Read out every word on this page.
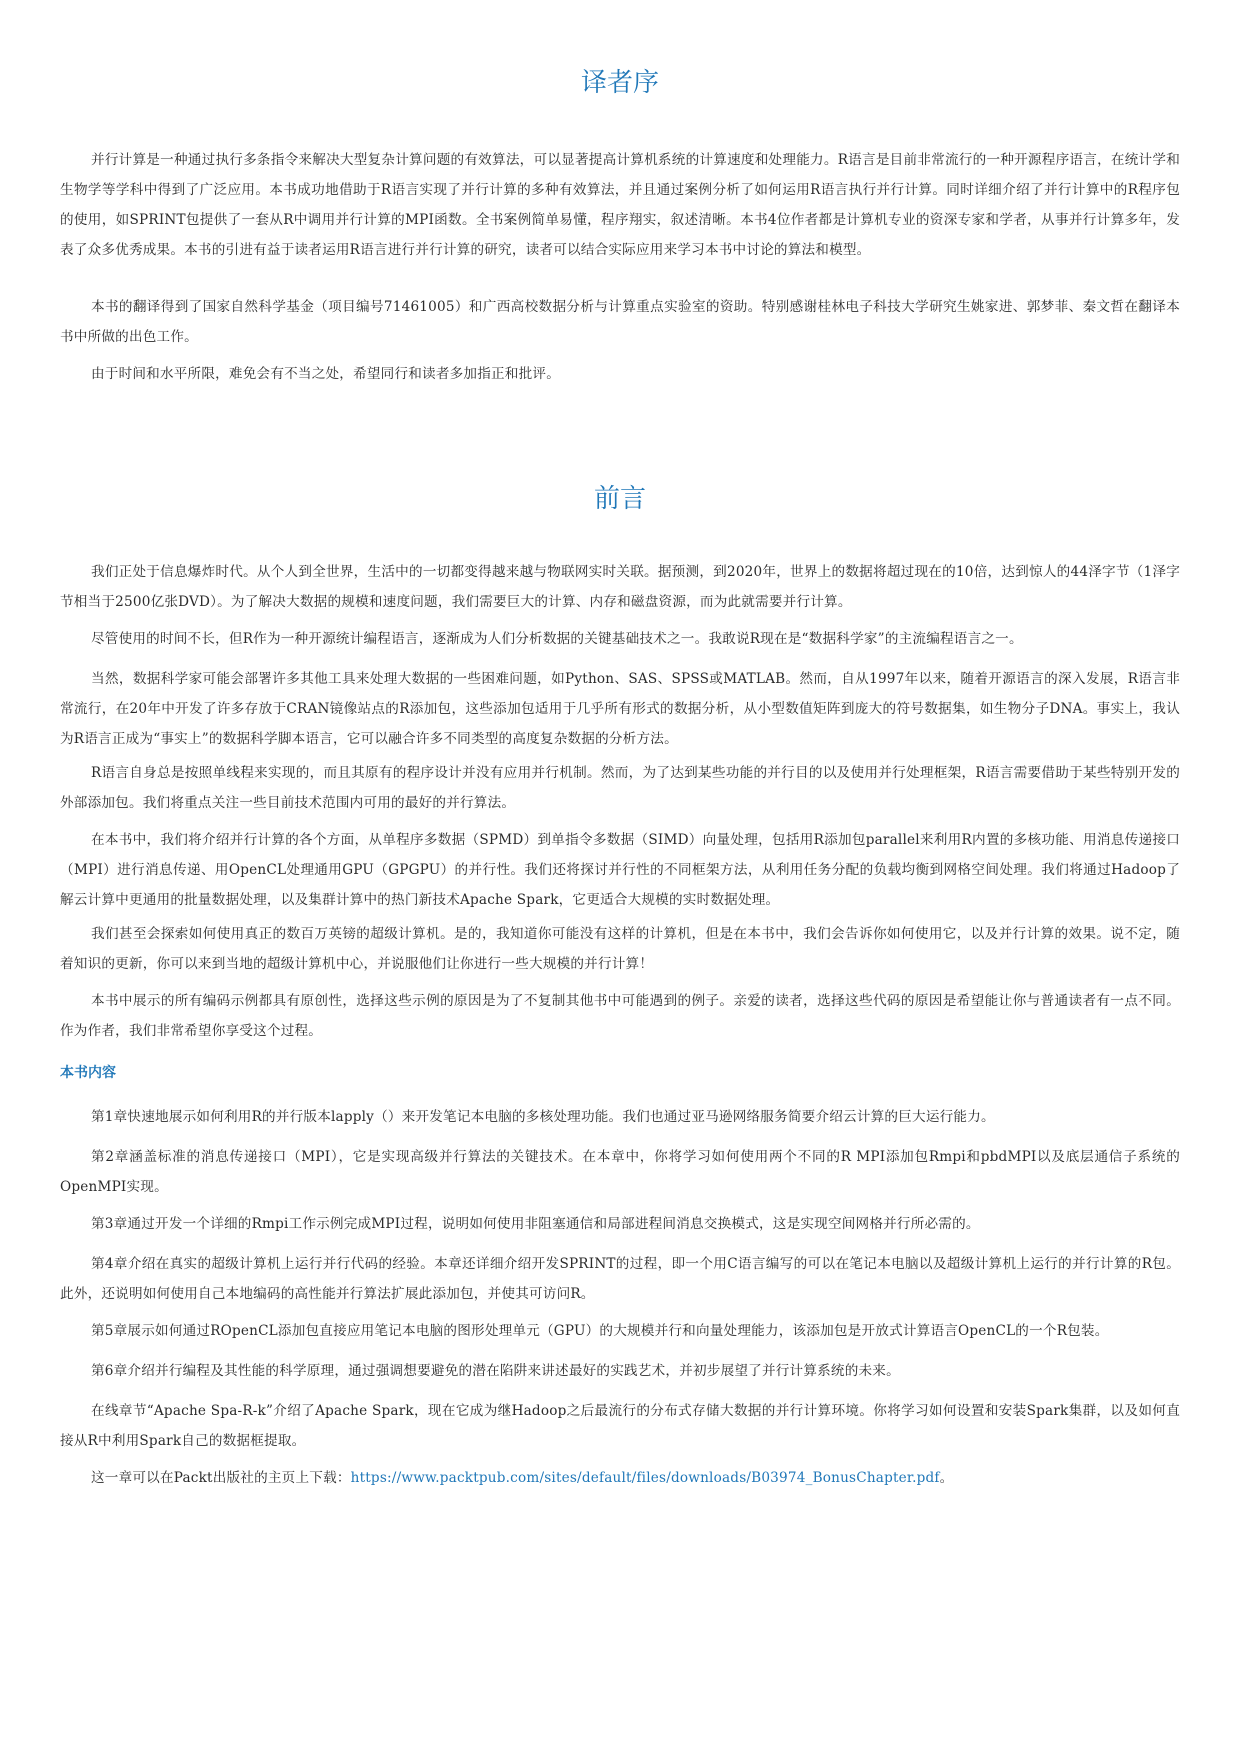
译者序

并行计算是一种通过执行多条指令来解决大型复杂计算问题的有效算法，可以显著提高计算机系统的计算速度和处理能力。R语言是目前非常流行的一种开源程序语言，在统计学和生物学等学科中得到了广泛应用。本书成功地借助于R语言实现了并行计算的多种有效算法，并且通过案例分析了如何运用R语言执行并行计算。同时详细介绍了并行计算中的R程序包的使用，如SPRINT包提供了一套从R中调用并行计算的MPI函数。全书案例简单易懂，程序翔实，叙述清晰。本书4位作者都是计算机专业的资深专家和学者，从事并行计算多年，发表了众多优秀成果。本书的引进有益于读者运用R语言进行并行计算的研究，读者可以结合实际应用来学习本书中讨论的算法和模型。

本书的翻译得到了国家自然科学基金（项目编号71461005）和广西高校数据分析与计算重点实验室的资助。特别感谢桂林电子科技大学研究生姚家进、郭梦菲、秦文哲在翻译本书中所做的出色工作。

由于时间和水平所限，难免会有不当之处，希望同行和读者多加指正和批评。

前言

我们正处于信息爆炸时代。从个人到全世界，生活中的一切都变得越来越与物联网实时关联。据预测，到2020年，世界上的数据将超过现在的10倍，达到惊人的44泽字节（1泽字节相当于2500亿张DVD）。为了解决大数据的规模和速度问题，我们需要巨大的计算、内存和磁盘资源，而为此就需要并行计算。

尽管使用的时间不长，但R作为一种开源统计编程语言，逐渐成为人们分析数据的关键基础技术之一。我敢说R现在是“数据科学家”的主流编程语言之一。

当然，数据科学家可能会部署许多其他工具来处理大数据的一些困难问题，如Python、SAS、SPSS或MATLAB。然而，自从1997年以来，随着开源语言的深入发展，R语言非常流行，在20年中开发了许多存放于CRAN镜像站点的R添加包，这些添加包适用于几乎所有形式的数据分析，从小型数值矩阵到庞大的符号数据集，如生物分子DNA。事实上，我认为R语言正成为“事实上”的数据科学脚本语言，它可以融合许多不同类型的高度复杂数据的分析方法。

R语言自身总是按照单线程来实现的，而且其原有的程序设计并没有应用并行机制。然而，为了达到某些功能的并行目的以及使用并行处理框架，R语言需要借助于某些特别开发的外部添加包。我们将重点关注一些目前技术范围内可用的最好的并行算法。

在本书中，我们将介绍并行计算的各个方面，从单程序多数据（SPMD）到单指令多数据（SIMD）向量处理，包括用R添加包parallel来利用R内置的多核功能、用消息传递接口（MPI）进行消息传递、用OpenCL处理通用GPU（GPGPU）的并行性。我们还将探讨并行性的不同框架方法，从利用任务分配的负载均衡到网格空间处理。我们将通过Hadoop了解云计算中更通用的批量数据处理，以及集群计算中的热门新技术Apache Spark，它更适合大规模的实时数据处理。

我们甚至会探索如何使用真正的数百万英镑的超级计算机。是的，我知道你可能没有这样的计算机，但是在本书中，我们会告诉你如何使用它，以及并行计算的效果。说不定，随着知识的更新，你可以来到当地的超级计算机中心，并说服他们让你进行一些大规模的并行计算！

本书中展示的所有编码示例都具有原创性，选择这些示例的原因是为了不复制其他书中可能遇到的例子。亲爱的读者，选择这些代码的原因是希望能让你与普通读者有一点不同。作为作者，我们非常希望你享受这个过程。

本书内容

第1章快速地展示如何利用R的并行版本lapply（）来开发笔记本电脑的多核处理功能。我们也通过亚马逊网络服务简要介绍云计算的巨大运行能力。

第2章涵盖标准的消息传递接口（MPI），它是实现高级并行算法的关键技术。在本章中，你将学习如何使用两个不同的R MPI添加包Rmpi和pbdMPI以及底层通信子系统的OpenMPI实现。

第3章通过开发一个详细的Rmpi工作示例完成MPI过程，说明如何使用非阻塞通信和局部进程间消息交换模式，这是实现空间网格并行所必需的。

第4章介绍在真实的超级计算机上运行并行代码的经验。本章还详细介绍开发SPRINT的过程，即一个用C语言编写的可以在笔记本电脑以及超级计算机上运行的并行计算的R包。此外，还说明如何使用自己本地编码的高性能并行算法扩展此添加包，并使其可访问R。

第5章展示如何通过ROpenCL添加包直接应用笔记本电脑的图形处理单元（GPU）的大规模并行和向量处理能力，该添加包是开放式计算语言OpenCL的一个R包装。

第6章介绍并行编程及其性能的科学原理，通过强调想要避免的潜在陷阱来讲述最好的实践艺术，并初步展望了并行计算系统的未来。

在线章节“Apache Spa-R-k”介绍了Apache Spark，现在它成为继Hadoop之后最流行的分布式存储大数据的并行计算环境。你将学习如何设置和安装Spark集群，以及如何直接从R中利用Spark自己的数据框提取。

这一章可以在Packt出版社的主页上下载：https://www.packtpub.com/sites/default/files/downloads/B03974_BonusChapter.pdf。
